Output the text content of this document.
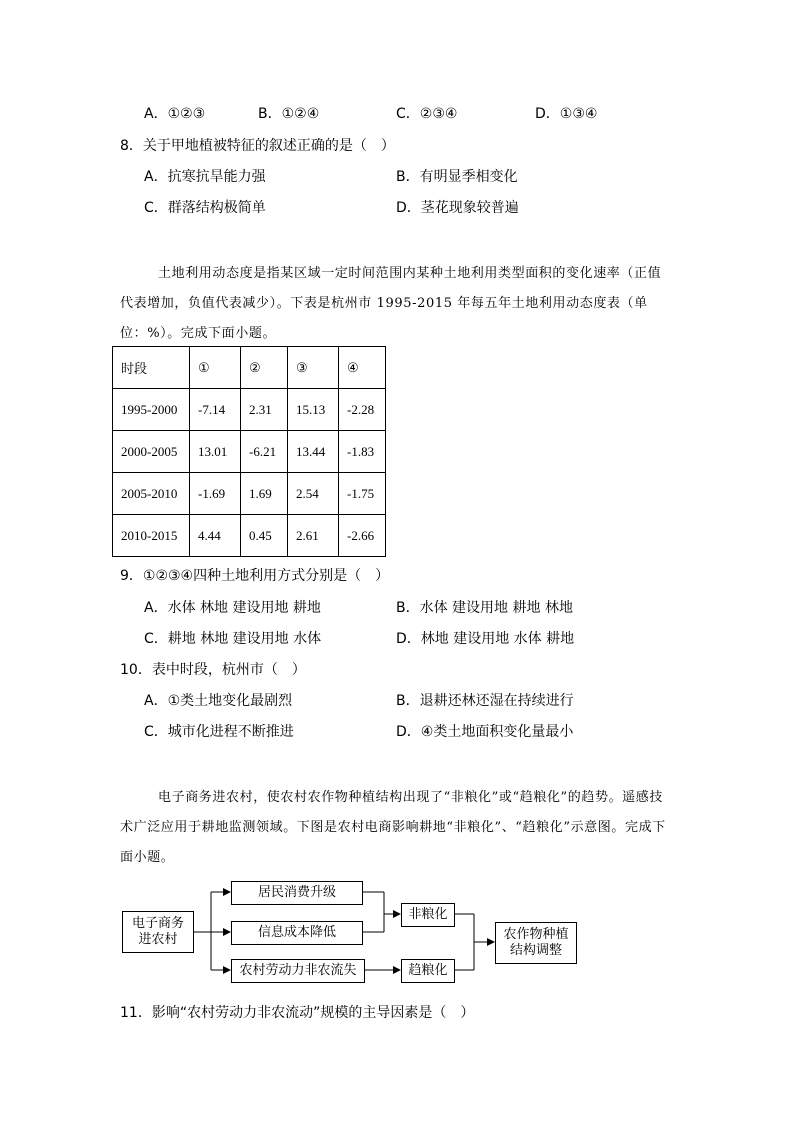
A．①②③	B．①②④	C．②③④	D．①③④
8．关于甲地植被特征的叙述正确的是（　）
A．抗寒抗旱能力强	B．有明显季相变化
C．群落结构极简单	D．茎花现象较普遍
土地利用动态度是指某区域一定时间范围内某种土地利用类型面积的变化速率（正值
代表增加，负值代表减少）。下表是杭州市 1995-2015 年每五年土地利用动态度表（单
位：%）。完成下面小题。
时段	①	②	③	④
1995-2000	-7.14	2.31	15.13	-2.28
2000-2005	13.01	-6.21	13.44	-1.83
2005-2010	-1.69	1.69	2.54	-1.75
2010-2015	4.44	0.45	2.61	-2.66
9．①②③④四种土地利用方式分别是（　）
A．水体 林地 建设用地 耕地	B．水体 建设用地 耕地 林地
C．耕地 林地 建设用地 水体	D．林地 建设用地 水体 耕地
10．表中时段，杭州市（　）
A．①类土地变化最剧烈	B．退耕还林还湿在持续进行
C．城市化进程不断推进	D．④类土地面积变化量最小
电子商务进农村，使农村农作物种植结构出现了“非粮化”或“趋粮化”的趋势。遥感技
术广泛应用于耕地监测领域。下图是农村电商影响耕地“非粮化”、“趋粮化”示意图。完成下
面小题。
电子商务
进农村
居民消费升级
信息成本降低
农村劳动力非农流失
非粮化
趋粮化
农作物种植
结构调整
11．影响“农村劳动力非农流动”规模的主导因素是（　）
